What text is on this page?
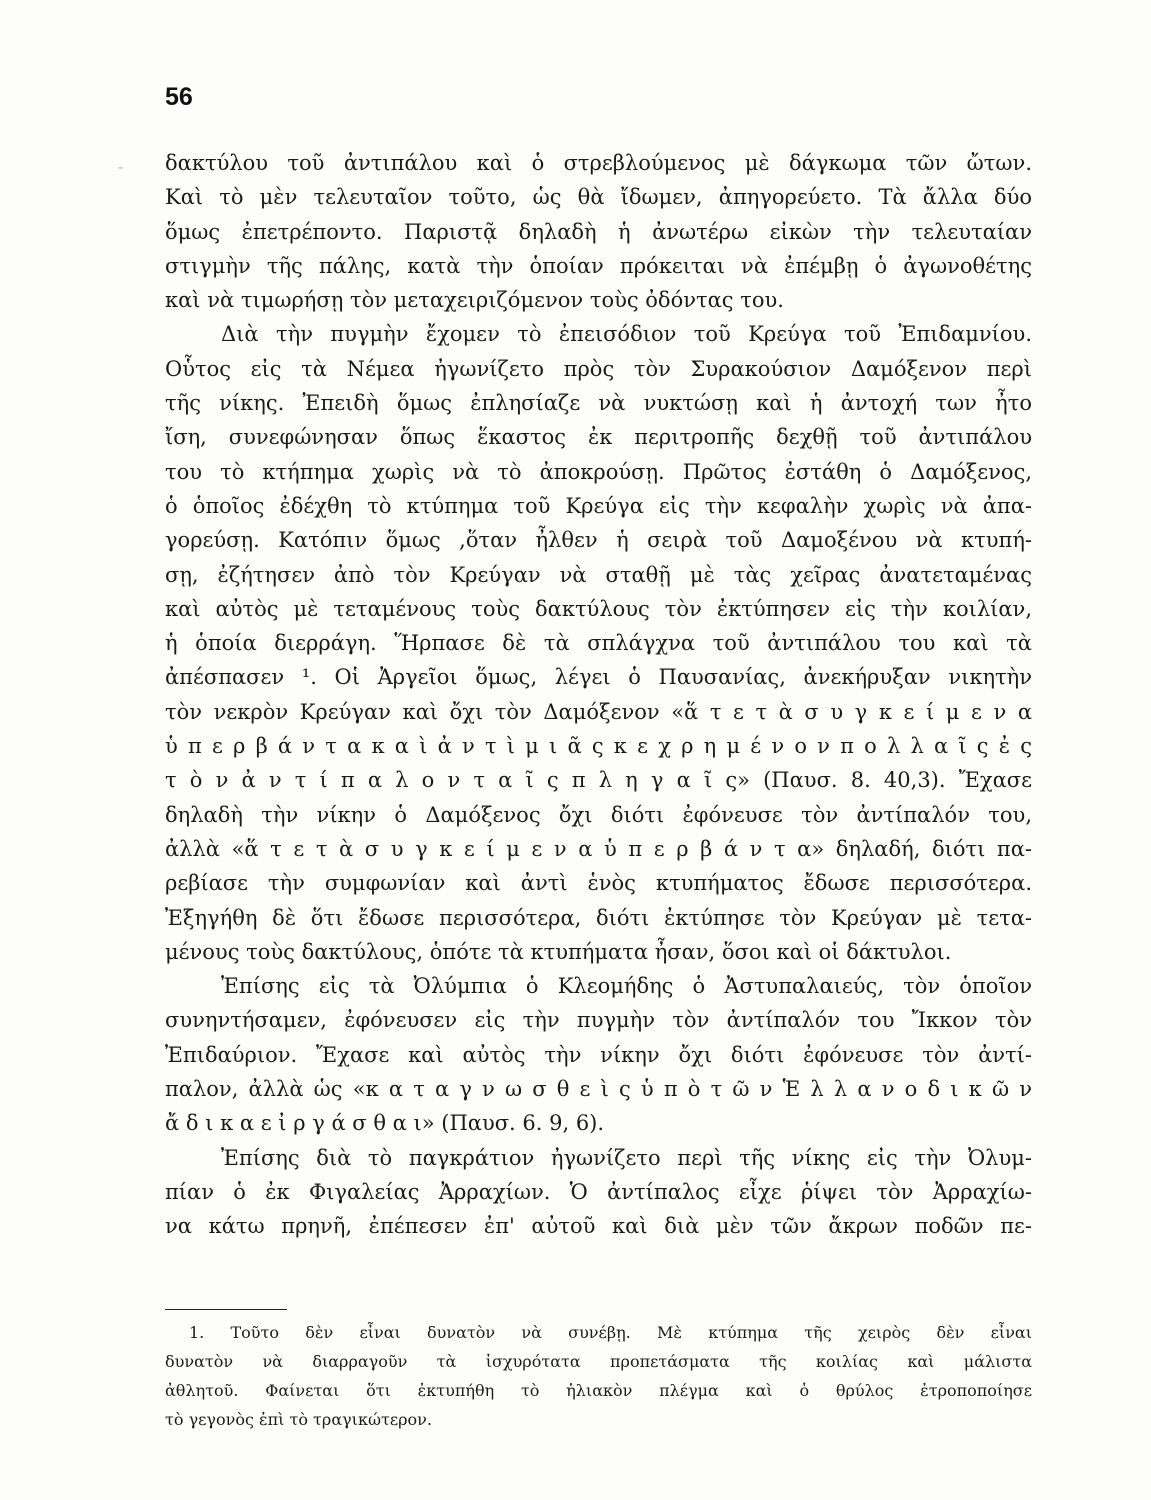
-
56
δακτύλου τοῦ ἀντιπάλου καὶ ὁ στρεβλούμενος μὲ δάγκωμα τῶν ὤτων.
Καὶ τὸ μὲν τελευταῖον τοῦτο, ὡς θὰ ἴδωμεν, ἀπηγορεύετο. Τὰ ἄλλα δύο
ὅμως ἐπετρέποντο. Παριστᾷ δηλαδὴ ἡ ἀνωτέρω εἰκὼν τὴν τελευταίαν
στιγμὴν τῆς πάλης, κατὰ τὴν ὁποίαν πρόκειται νὰ ἐπέμβῃ ὁ ἀγωνοθέτης
καὶ νὰ τιμωρήσῃ τὸν μεταχειριζόμενον τοὺς ὀδόντας του.
Διὰ τὴν πυγμὴν ἔχομεν τὸ ἐπεισόδιον τοῦ Κρεύγα τοῦ Ἐπιδαμνίου.
Οὗτος εἰς τὰ Νέμεα ἠγωνίζετο πρὸς τὸν Συρακούσιον Δαμόξενον περὶ
τῆς νίκης. Ἐπειδὴ ὅμως ἐπλησίαζε νὰ νυκτώσῃ καὶ ἡ ἀντοχή των ἦτο
ἴση, συνεφώνησαν ὅπως ἕκαστος ἐκ περιτροπῆς δεχθῇ τοῦ ἀντιπάλου
του τὸ κτήπημα χωρὶς νὰ τὸ ἀποκρούσῃ. Πρῶτος ἐστάθη ὁ Δαμόξενος,
ὁ ὁποῖος ἐδέχθη τὸ κτύπημα τοῦ Κρεύγα εἰς τὴν κεφαλὴν χωρὶς νὰ ἀπα-
γορεύσῃ. Κατόπιν ὅμως ,ὅταν ἦλθεν ἡ σειρὰ τοῦ Δαμοξένου νὰ κτυπή-
σῃ, ἐζήτησεν ἀπὸ τὸν Κρεύγαν νὰ σταθῇ μὲ τὰς χεῖρας ἀνατεταμένας
καὶ αὐτὸς μὲ τεταμένους τοὺς δακτύλους τὸν ἐκτύπησεν εἰς τὴν κοιλίαν,
ἡ ὁποία διερράγη. Ἥρπασε δὲ τὰ σπλάγχνα τοῦ ἀντιπάλου του καὶ τὰ
ἀπέσπασεν ¹. Οἱ Ἀργεῖοι ὅμως, λέγει ὁ Παυσανίας, ἀνεκήρυξαν νικητὴν
τὸν νεκρὸν Κρεύγαν καὶ ὄχι τὸν Δαμόξενον «ἅ τ ε τ ὰ σ υ γ κ ε ί μ ε ν α
ὑ π ε ρ β ά ν τ α κ α ὶ ἀ ν τ ὶ μ ι ᾶ ς κ ε χ ρ η μ έ ν ο ν π ο λ λ α ῖ ς ἐ ς
τ ὸ ν ἀ ν τ ί π α λ ο ν τ α ῖ ς π λ η γ α ῖ ς» (Παυσ. 8. 40,3). Ἔχασε
δηλαδὴ τὴν νίκην ὁ Δαμόξενος ὄχι διότι ἐφόνευσε τὸν ἀντίπαλόν του,
ἀλλὰ «ἅ τ ε τ ὰ σ υ γ κ ε ί μ ε ν α ὑ π ε ρ β ά ν τ α» δηλαδή, διότι πα-
ρεβίασε τὴν συμφωνίαν καὶ ἀντὶ ἑνὸς κτυπήματος ἔδωσε περισσότερα.
Ἐξηγήθη δὲ ὅτι ἔδωσε περισσότερα, διότι ἐκτύπησε τὸν Κρεύγαν μὲ τετα-
μένους τοὺς δακτύλους, ὁπότε τὰ κτυπήματα ἦσαν, ὅσοι καὶ οἱ δάκτυλοι.
Ἐπίσης εἰς τὰ Ὀλύμπια ὁ Κλεομήδης ὁ Ἀστυπαλαιεύς, τὸν ὁποῖον
συνηντήσαμεν, ἐφόνευσεν εἰς τὴν πυγμὴν τὸν ἀντίπαλόν του Ἴκκον τὸν
Ἐπιδαύριον. Ἔχασε καὶ αὐτὸς τὴν νίκην ὄχι διότι ἐφόνευσε τὸν ἀντί-
παλον, ἀλλὰ ὡς «κ α τ α γ ν ω σ θ ε ὶ ς ὑ π ὸ τ ῶ ν Ἑ λ λ α ν ο δ ι κ ῶ ν
ἄ δ ι κ α ε ἰ ρ γ ά σ θ α ι» (Παυσ. 6. 9, 6).
Ἐπίσης διὰ τὸ παγκράτιον ἠγωνίζετο περὶ τῆς νίκης εἰς τὴν Ὀλυμ-
πίαν ὁ ἐκ Φιγαλείας Ἀρραχίων. Ὁ ἀντίπαλος εἶχε ῥίψει τὸν Ἀρραχίω-
να κάτω πρηνῆ, ἐπέπεσεν ἐπ' αὐτοῦ καὶ διὰ μὲν τῶν ἄκρων ποδῶν πε-
1. Τοῦτο δὲν εἶναι δυνατὸν νὰ συνέβῃ. Μὲ κτύπημα τῆς χειρὸς δὲν εἶναι
δυνατὸν νὰ διαρραγοῦν τὰ ἰσχυρότατα προπετάσματα τῆς κοιλίας καὶ μάλιστα
ἀθλητοῦ. Φαίνεται ὅτι ἐκτυπήθη τὸ ἡλιακὸν πλέγμα καὶ ὁ θρύλος ἐτροποποίησε
τὸ γεγονὸς ἐπὶ τὸ τραγικώτερον.
